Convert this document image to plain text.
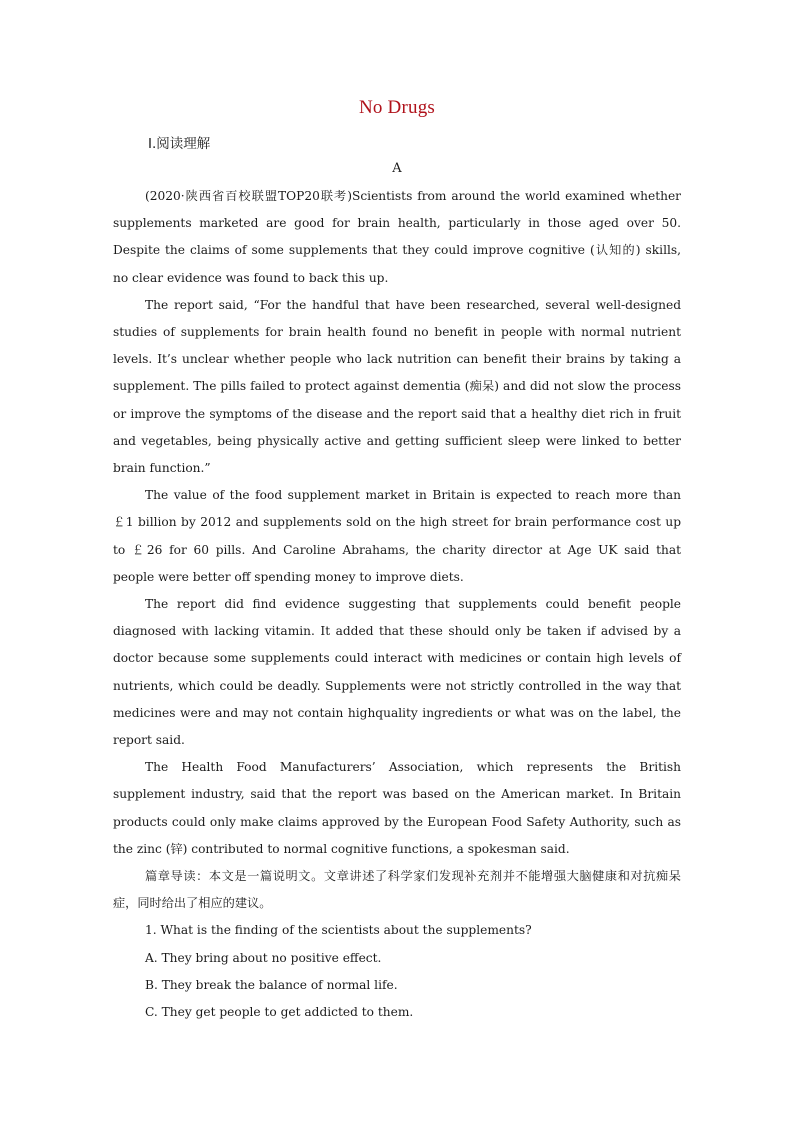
No Drugs
Ⅰ.阅读理解
A

(2020·陕西省百校联盟TOP20联考)Scientists from around the world examined whether supplements marketed are good for brain health, particularly in those aged over 50. Despite the claims of some supplements that they could improve cognitive (认知的) skills, no clear evidence was found to back this up.

The report said, “For the handful that have been researched, several well-designed studies of supplements for brain health found no benefit in people with normal nutrient levels. It’s unclear whether people who lack nutrition can benefit their brains by taking a supplement. The pills failed to protect against dementia (痴呆) and did not slow the process or improve the symptoms of the disease and the report said that a healthy diet rich in fruit and vegetables, being physically active and getting sufficient sleep were linked to better brain function.”

The value of the food supplement market in Britain is expected to reach more than ￡1 billion by 2012 and supplements sold on the high street for brain performance cost up to ￡26 for 60 pills. And Caroline Abrahams, the charity director at Age UK said that people were better off spending money to improve diets.

The report did find evidence suggesting that supplements could benefit people diagnosed with lacking vitamin. It added that these should only be taken if advised by a doctor because some supplements could interact with medicines or contain high levels of nutrients, which could be deadly. Supplements were not strictly controlled in the way that medicines were and may not contain highquality ingredients or what was on the label, the report said.

The Health Food Manufacturers’ Association, which represents the British supplement industry, said that the report was based on the American market. In Britain products could only make claims approved by the European Food Safety Authority, such as the zinc (锌) contributed to normal cognitive functions, a spokesman said.

篇章导读：本文是一篇说明文。文章讲述了科学家们发现补充剂并不能增强大脑健康和对抗痴呆症，同时给出了相应的建议。

1. What is the finding of the scientists about the supplements?

A. They bring about no positive effect.

B. They break the balance of normal life.

C. They get people to get addicted to them.
